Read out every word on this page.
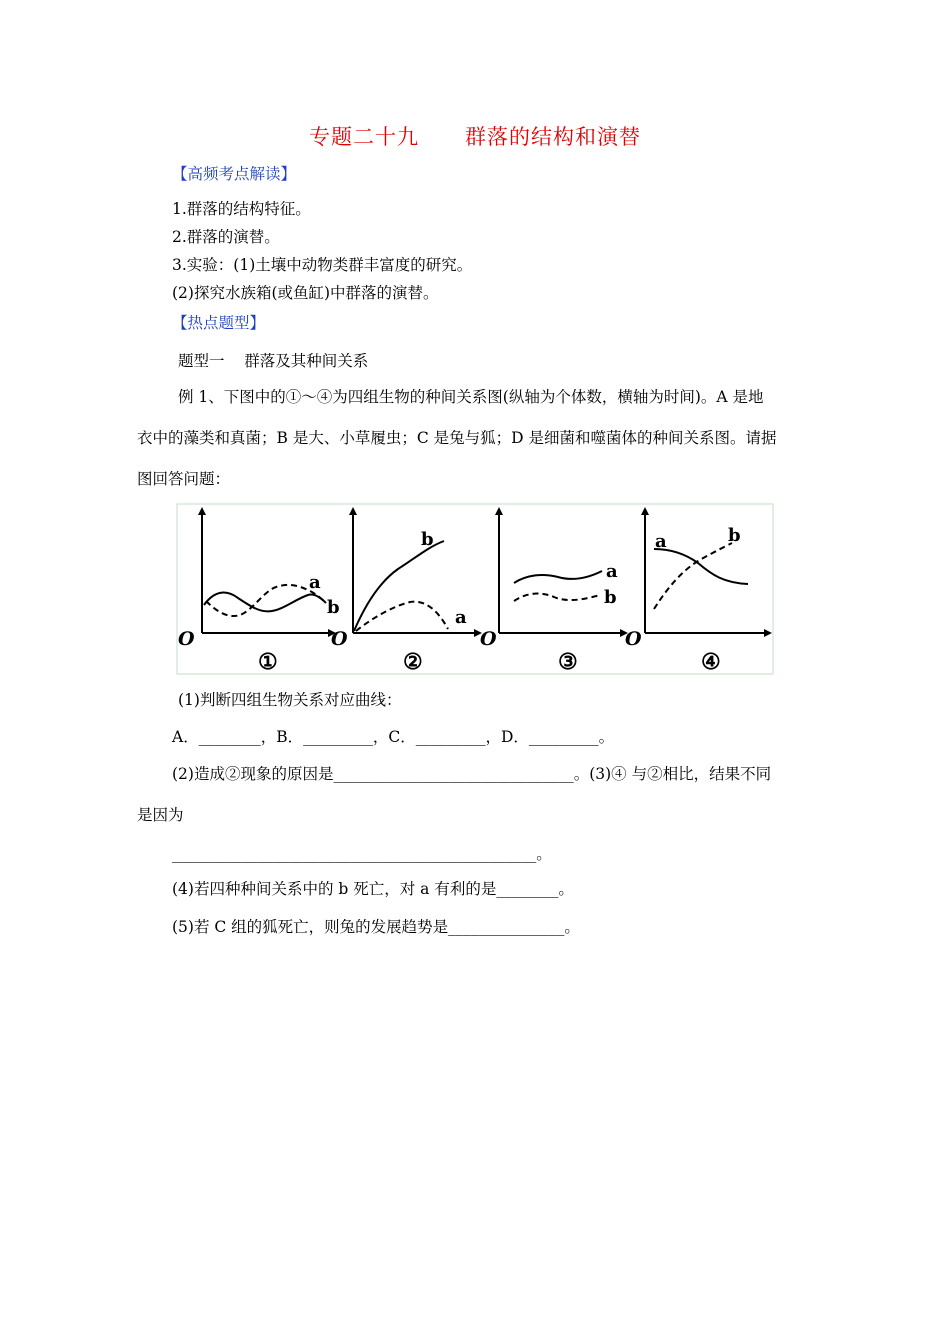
专题二十九      群落的结构和演替
【高频考点解读】
1.群落的结构特征。
2.群落的演替。
3.实验：(1)土壤中动物类群丰富度的研究。
(2)探究水族箱(或鱼缸)中群落的演替。
【热点题型】
题型一    群落及其种间关系
例 1、下图中的①～④为四组生物的种间关系图(纵轴为个体数，横轴为时间)。A 是地
衣中的藻类和真菌；B 是大、小草履虫；C 是兔与狐；D 是细菌和噬菌体的种间关系图。请据
图回答问题：
a
b
O
①
b
a
O
②
a
b
O
③
a	b
O
④
(1)判断四组生物关系对应曲线：
A．________，B．_________，C．_________，D．_________。
(2)造成②现象的原因是_______________________________。(3)④ 与②相比，结果不同
是因为
_______________________________________________。
(4)若四种种间关系中的 b 死亡，对 a 有利的是________。
(5)若 C 组的狐死亡，则兔的发展趋势是_______________。
